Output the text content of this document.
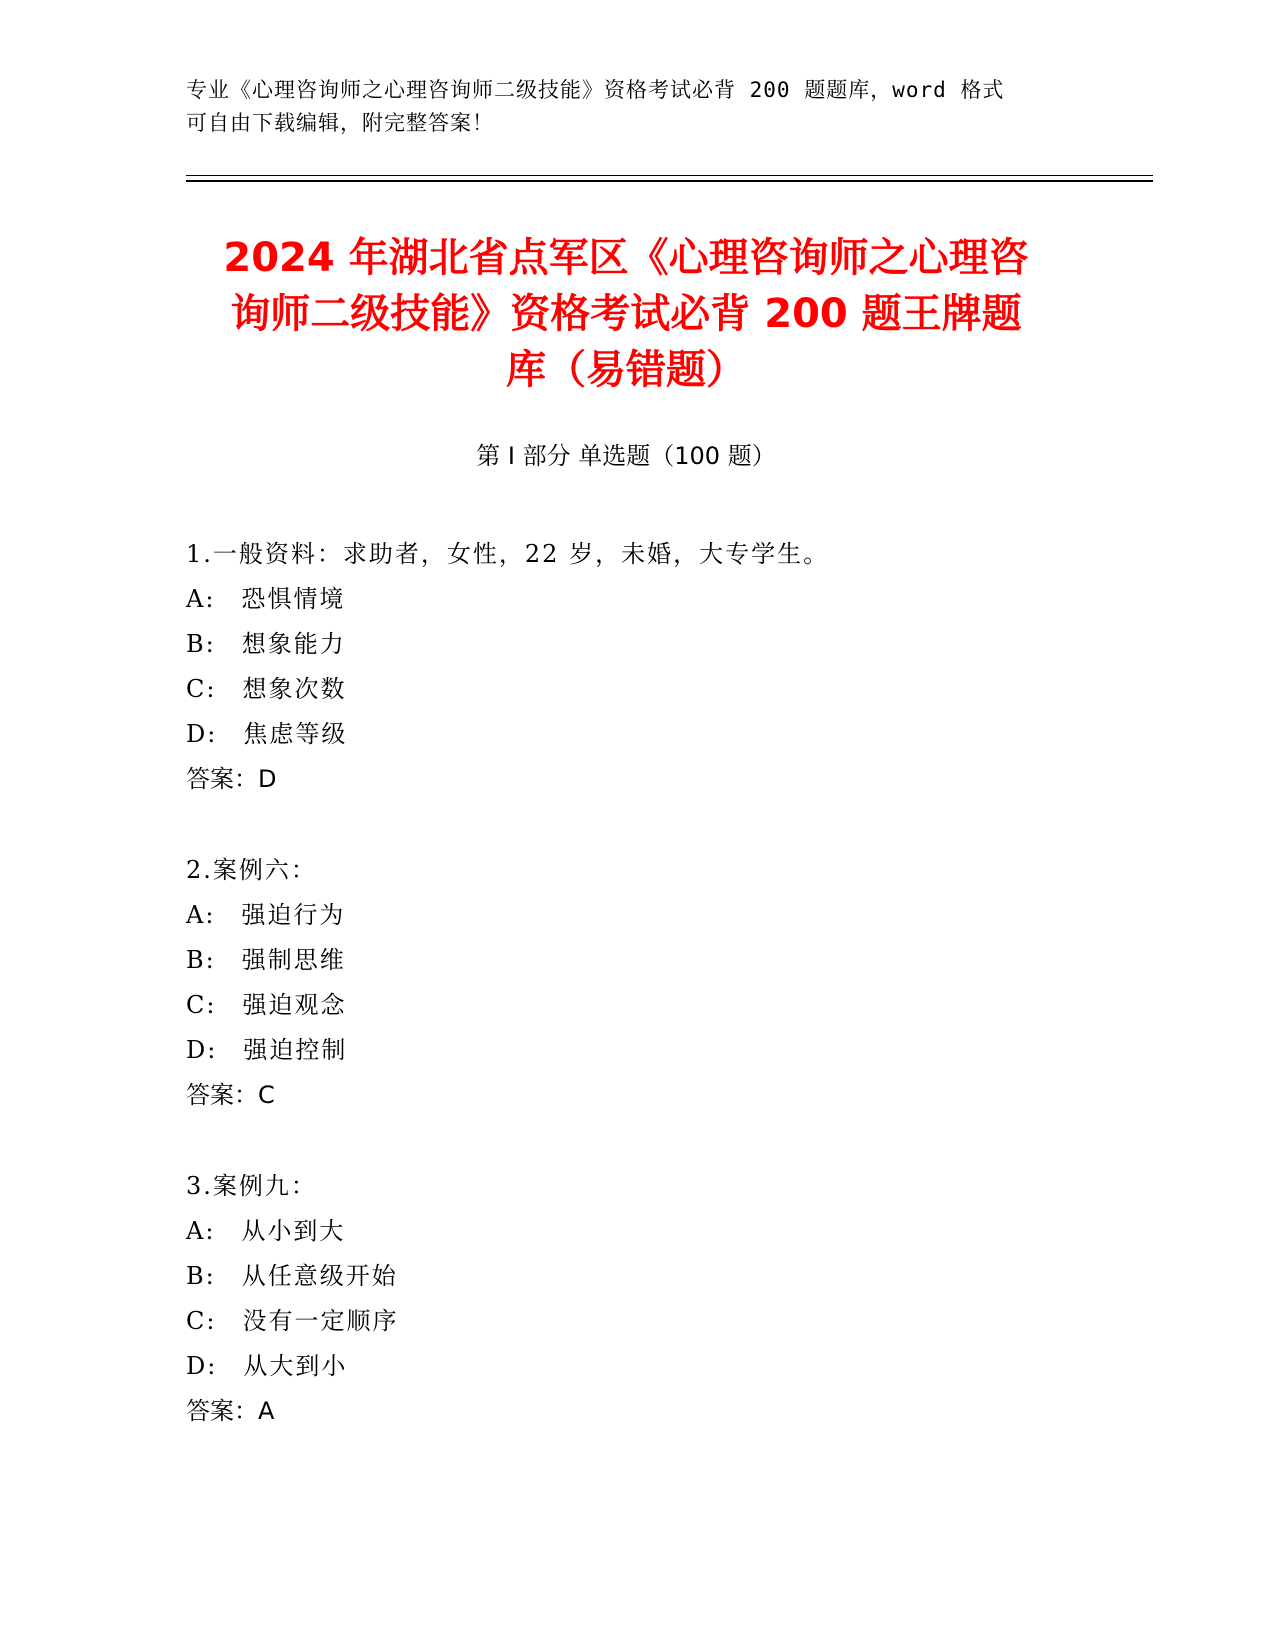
专业《心理咨询师之心理咨询师二级技能》资格考试必背 200 题题库，word 格式
可自由下载编辑，附完整答案！
2024 年湖北省点军区《心理咨询师之心理咨
询师二级技能》资格考试必背 200 题王牌题
库（易错题）
第 I 部分 单选题（100 题）
1.一般资料：求助者，女性，22 岁，未婚，大专学生。
A: 恐惧情境
B: 想象能力
C: 想象次数
D: 焦虑等级
答案：D
2.案例六：
A: 强迫行为
B: 强制思维
C: 强迫观念
D: 强迫控制
答案：C
3.案例九：
A: 从小到大
B: 从任意级开始
C: 没有一定顺序
D: 从大到小
答案：A
